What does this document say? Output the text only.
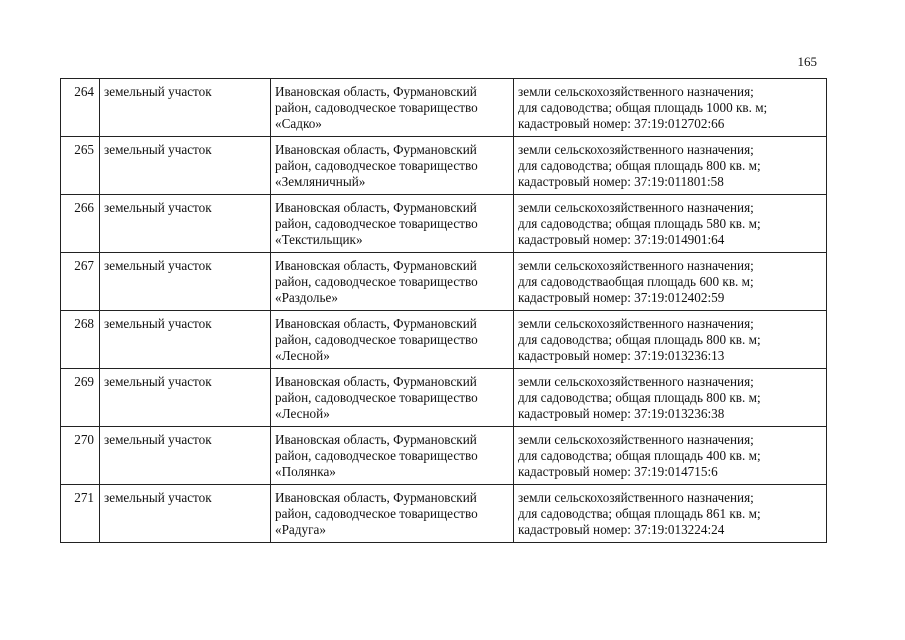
165
264	земельный участок	Ивановская область, Фурмановский
район, садоводческое товарищество
«Садко»	земли сельскохозяйственного назначения;
для садоводства; общая площадь 1000 кв. м;
кадастровый номер: 37:19:012702:66
265	земельный участок	Ивановская область, Фурмановский
район, садоводческое товарищество
«Земляничный»	земли сельскохозяйственного назначения;
для садоводства; общая площадь 800 кв. м;
кадастровый номер: 37:19:011801:58
266	земельный участок	Ивановская область, Фурмановский
район, садоводческое товарищество
«Текстильщик»	земли сельскохозяйственного назначения;
для садоводства; общая площадь 580 кв. м;
кадастровый номер: 37:19:014901:64
267	земельный участок	Ивановская область, Фурмановский
район, садоводческое товарищество
«Раздолье»	земли сельскохозяйственного назначения;
для садоводстваобщая площадь 600 кв. м;
кадастровый номер: 37:19:012402:59
268	земельный участок	Ивановская область, Фурмановский
район, садоводческое товарищество
«Лесной»	земли сельскохозяйственного назначения;
для садоводства; общая площадь 800 кв. м;
кадастровый номер: 37:19:013236:13
269	земельный участок	Ивановская область, Фурмановский
район, садоводческое товарищество
«Лесной»	земли сельскохозяйственного назначения;
для садоводства; общая площадь 800 кв. м;
кадастровый номер: 37:19:013236:38
270	земельный участок	Ивановская область, Фурмановский
район, садоводческое товарищество
«Полянка»	земли сельскохозяйственного назначения;
для садоводства; общая площадь 400 кв. м;
кадастровый номер: 37:19:014715:6
271	земельный участок	Ивановская область, Фурмановский
район, садоводческое товарищество
«Радуга»	земли сельскохозяйственного назначения;
для садоводства; общая площадь 861 кв. м;
кадастровый номер: 37:19:013224:24
